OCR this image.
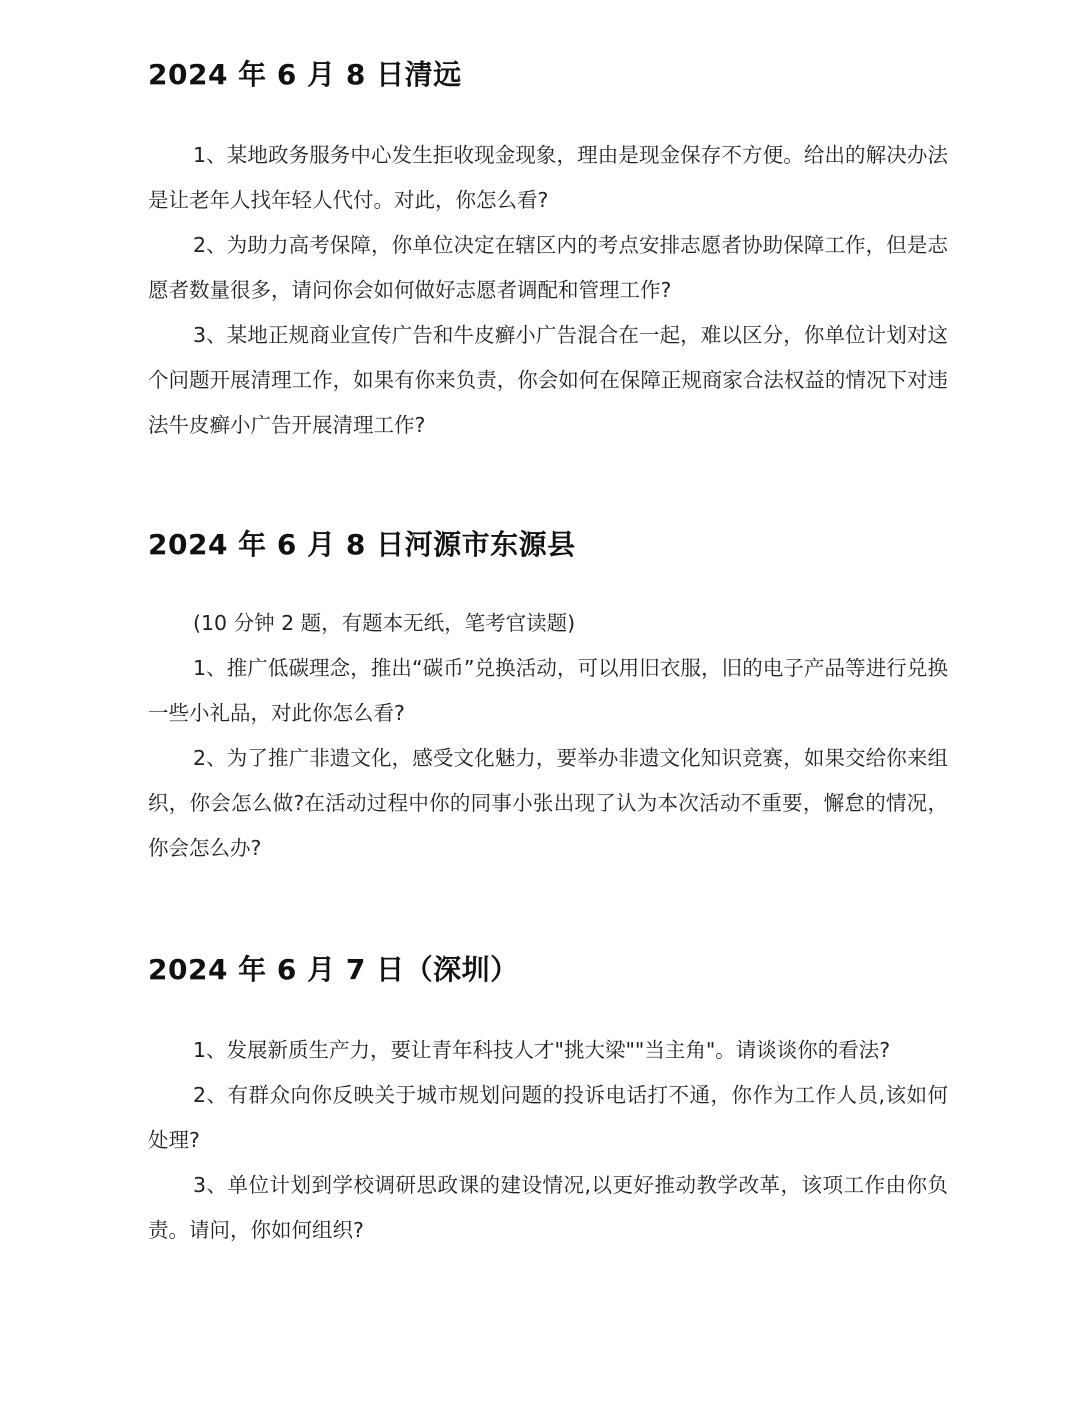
2024 年 6 月 8 日清远

1、某地政务服务中心发生拒收现金现象，理由是现金保存不方便。给出的解决办法是让老年人找年轻人代付。对此，你怎么看?

2、为助力高考保障，你单位决定在辖区内的考点安排志愿者协助保障工作，但是志愿者数量很多，请问你会如何做好志愿者调配和管理工作?

3、某地正规商业宣传广告和牛皮癣小广告混合在一起，难以区分，你单位计划对这个问题开展清理工作，如果有你来负责，你会如何在保障正规商家合法权益的情况下对违法牛皮癣小广告开展清理工作?

2024 年 6 月 8 日河源市东源县

(10 分钟 2 题，有题本无纸，笔考官读题)

1、推广低碳理念，推出“碳币”兑换活动，可以用旧衣服，旧的电子产品等进行兑换一些小礼品，对此你怎么看?

2、为了推广非遗文化，感受文化魅力，要举办非遗文化知识竞赛，如果交给你来组织，你会怎么做?在活动过程中你的同事小张出现了认为本次活动不重要，懈怠的情况，你会怎么办?

2024 年 6 月 7 日（深圳）

1、发展新质生产力，要让青年科技人才"挑大梁""当主角"。请谈谈你的看法?

2、有群众向你反映关于城市规划问题的投诉电话打不通，你作为工作人员,该如何处理?

3、单位计划到学校调研思政课的建设情况,以更好推动教学改革，该项工作由你负责。请问，你如何组织?
